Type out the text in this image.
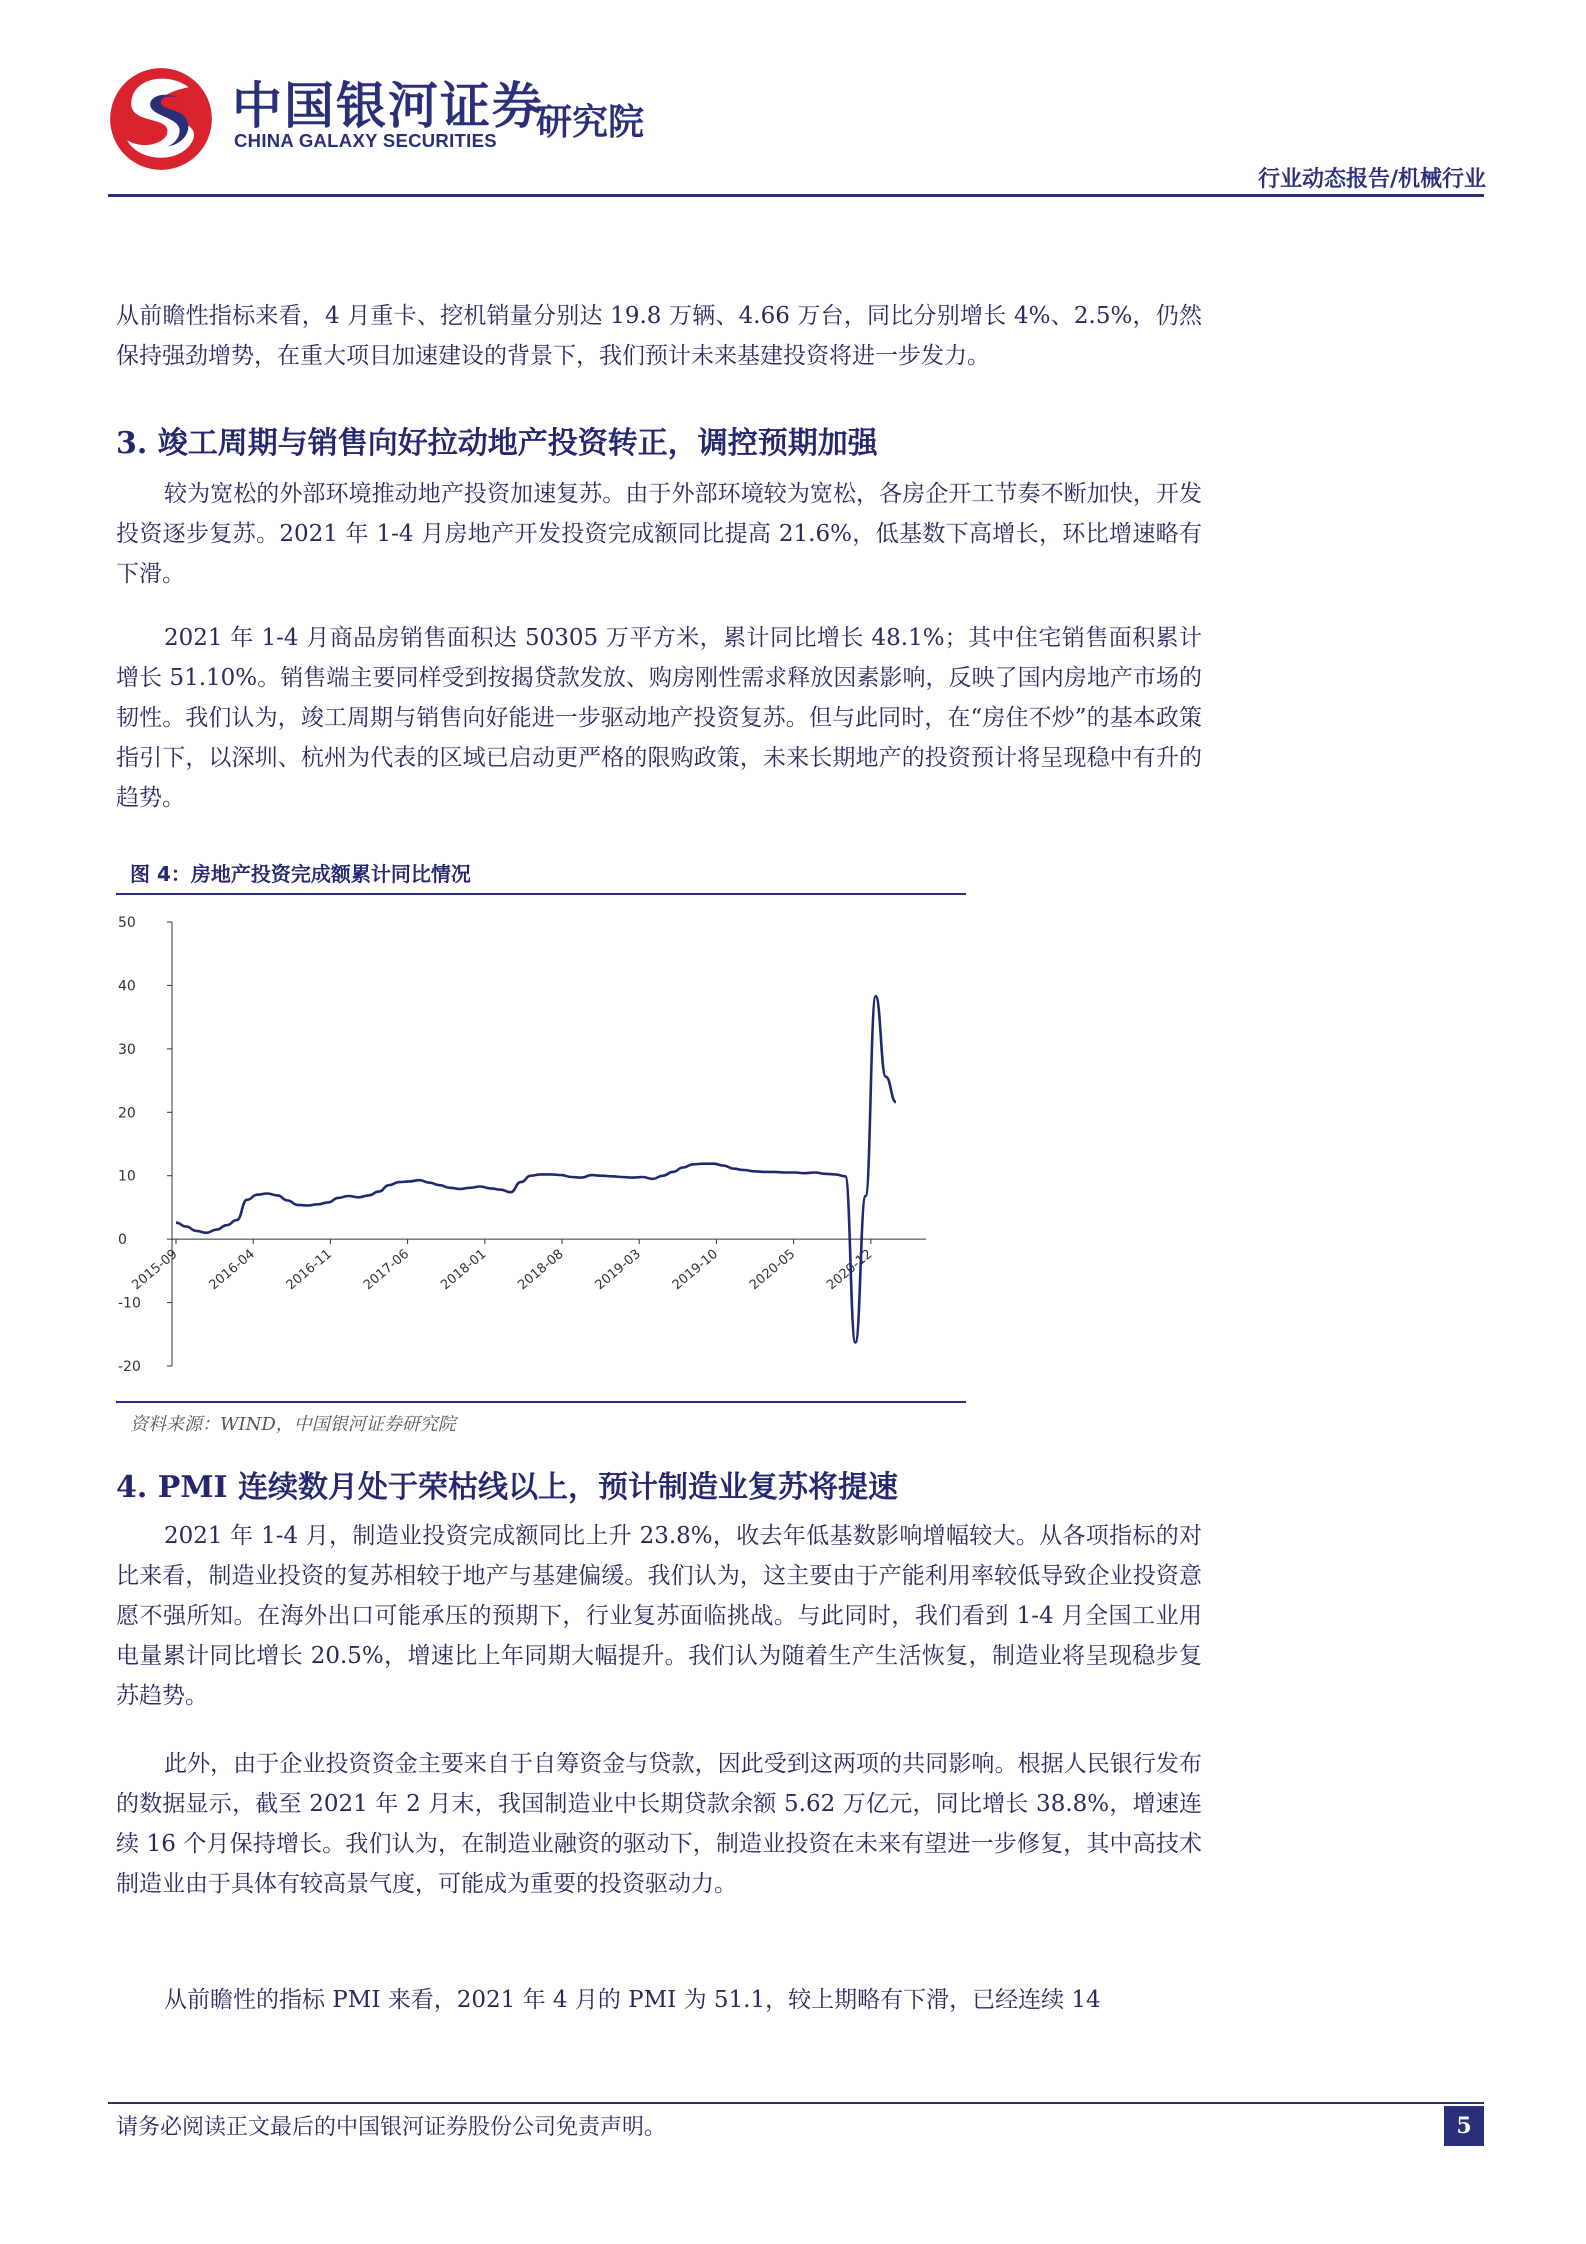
中国银河证券
CHINA GALAXY SECURITIES 研究院
行业动态报告/机械行业

从前瞻性指标来看，4 月重卡、挖机销量分别达 19.8 万辆、4.66 万台，同比分别增长 4%、2.5%，仍然保持强劲增势，在重大项目加速建设的背景下，我们预计未来基建投资将进一步发力。

3. 竣工周期与销售向好拉动地产投资转正，调控预期加强

较为宽松的外部环境推动地产投资加速复苏。由于外部环境较为宽松，各房企开工节奏不断加快，开发投资逐步复苏。2021 年 1-4 月房地产开发投资完成额同比提高 21.6%，低基数下高增长，环比增速略有下滑。

2021 年 1-4 月商品房销售面积达 50305 万平方米，累计同比增长 48.1%；其中住宅销售面积累计增长 51.10%。销售端主要同样受到按揭贷款发放、购房刚性需求释放因素影响，反映了国内房地产市场的韧性。我们认为，竣工周期与销售向好能进一步驱动地产投资复苏。但与此同时，在“房住不炒”的基本政策指引下，以深圳、杭州为代表的区域已启动更严格的限购政策，未来长期地产的投资预计将呈现稳中有升的趋势。

图 4：房地产投资完成额累计同比情况
-20
-10
0
10
20
30
40
50
2015-09 2016-04 2016-11 2017-06 2018-01 2018-08 2019-03 2019-10 2020-05 2020-12
资料来源：WIND，中国银河证券研究院
4. PMI 连续数月处于荣枯线以上，预计制造业复苏将提速

2021 年 1-4 月，制造业投资完成额同比上升 23.8%，收去年低基数影响增幅较大。从各项指标的对比来看，制造业投资的复苏相较于地产与基建偏缓。我们认为，这主要由于产能利用率较低导致企业投资意愿不强所知。在海外出口可能承压的预期下，行业复苏面临挑战。与此同时，我们看到 1-4 月全国工业用电量累计同比增长 20.5%，增速比上年同期大幅提升。我们认为随着生产生活恢复，制造业将呈现稳步复苏趋势。

此外，由于企业投资资金主要来自于自筹资金与贷款，因此受到这两项的共同影响。根据人民银行发布的数据显示，截至 2021 年 2 月末，我国制造业中长期贷款余额 5.62 万亿元，同比增长 38.8%，增速连续 16 个月保持增长。我们认为，在制造业融资的驱动下，制造业投资在未来有望进一步修复，其中高技术制造业由于具体有较高景气度，可能成为重要的投资驱动力。

从前瞻性的指标 PMI 来看，2021 年 4 月的 PMI 为 51.1，较上期略有下滑，已经连续 14

请务必阅读正文最后的中国银河证券股份公司免责声明。	5
